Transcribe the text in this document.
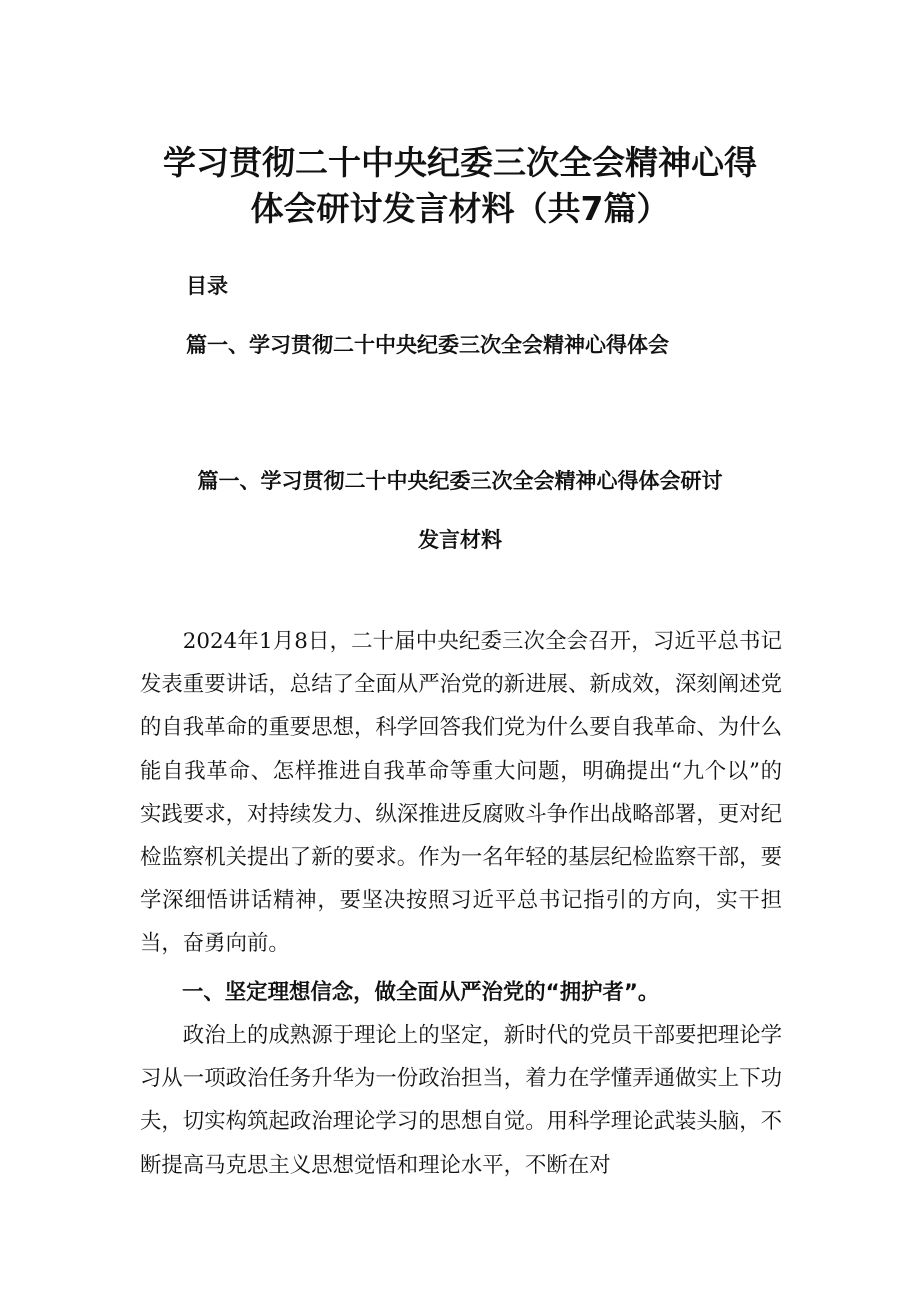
学习贯彻二十中央纪委三次全会精神心得
体会研讨发言材料（共7篇）
目录
篇一、学习贯彻二十中央纪委三次全会精神心得体会
篇一、学习贯彻二十中央纪委三次全会精神心得体会研讨
发言材料
2024年1月8日，二十届中央纪委三次全会召开，习近平总书记发表重要讲话，总结了全面从严治党的新进展、新成效，深刻阐述党的自我革命的重要思想，科学回答我们党为什么要自我革命、为什么能自我革命、怎样推进自我革命等重大问题，明确提出“九个以”的实践要求，对持续发力、纵深推进反腐败斗争作出战略部署，更对纪检监察机关提出了新的要求。作为一名年轻的基层纪检监察干部，要学深细悟讲话精神，要坚决按照习近平总书记指引的方向，实干担当，奋勇向前。
一、坚定理想信念，做全面从严治党的“拥护者”。
政治上的成熟源于理论上的坚定，新时代的党员干部要把理论学习从一项政治任务升华为一份政治担当，着力在学懂弄通做实上下功夫，切实构筑起政治理论学习的思想自觉。用科学理论武装头脑，不断提高马克思主义思想觉悟和理论水平，不断在对
